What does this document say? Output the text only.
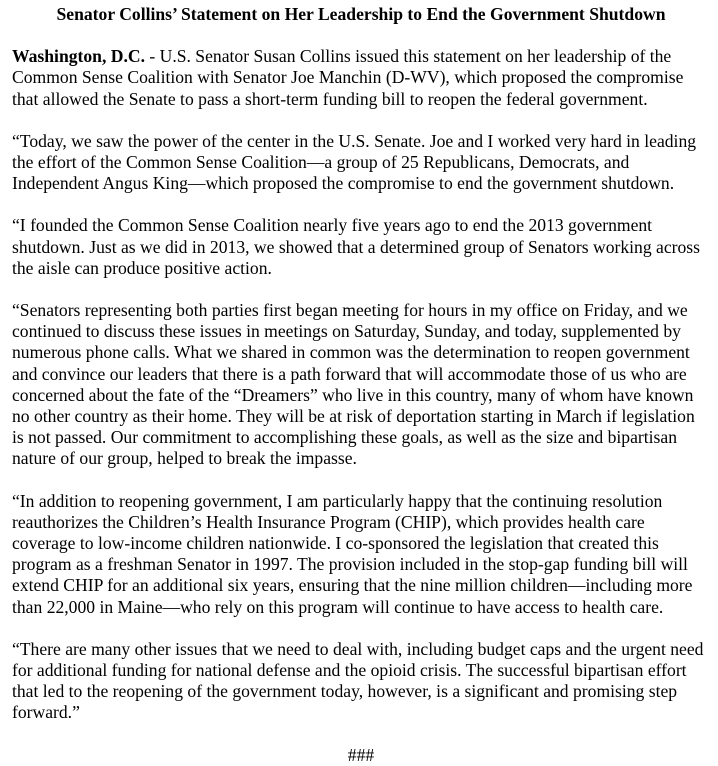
Senator Collins’ Statement on Her Leadership to End the Government Shutdown

Washington, D.C. - U.S. Senator Susan Collins issued this statement on her leadership of the Common Sense Coalition with Senator Joe Manchin (D-WV), which proposed the compromise that allowed the Senate to pass a short-term funding bill to reopen the federal government.

“Today, we saw the power of the center in the U.S. Senate. Joe and I worked very hard in leading the effort of the Common Sense Coalition—a group of 25 Republicans, Democrats, and Independent Angus King—which proposed the compromise to end the government shutdown.

“I founded the Common Sense Coalition nearly five years ago to end the 2013 government shutdown. Just as we did in 2013, we showed that a determined group of Senators working across the aisle can produce positive action.

“Senators representing both parties first began meeting for hours in my office on Friday, and we continued to discuss these issues in meetings on Saturday, Sunday, and today, supplemented by numerous phone calls. What we shared in common was the determination to reopen government and convince our leaders that there is a path forward that will accommodate those of us who are concerned about the fate of the “Dreamers” who live in this country, many of whom have known no other country as their home. They will be at risk of deportation starting in March if legislation is not passed. Our commitment to accomplishing these goals, as well as the size and bipartisan nature of our group, helped to break the impasse.

“In addition to reopening government, I am particularly happy that the continuing resolution reauthorizes the Children’s Health Insurance Program (CHIP), which provides health care coverage to low-income children nationwide. I co-sponsored the legislation that created this program as a freshman Senator in 1997. The provision included in the stop-gap funding bill will extend CHIP for an additional six years, ensuring that the nine million children—including more than 22,000 in Maine—who rely on this program will continue to have access to health care.

“There are many other issues that we need to deal with, including budget caps and the urgent need for additional funding for national defense and the opioid crisis. The successful bipartisan effort that led to the reopening of the government today, however, is a significant and promising step forward.”

###
